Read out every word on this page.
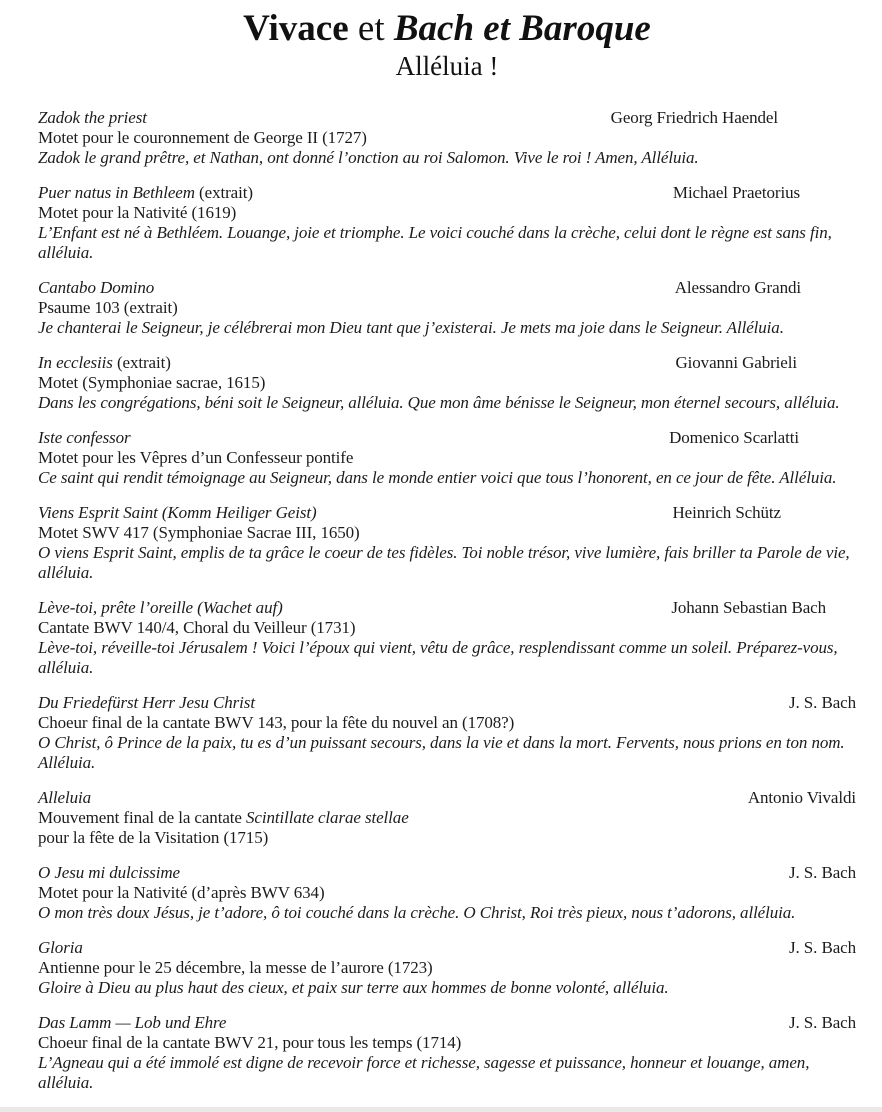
Vivace et Bach et Baroque
Alléluia !
Zadok the priest	Georg Friedrich Haendel
Motet pour le couronnement de George II (1727)
Zadok le grand prêtre, et Nathan, ont donné l’onction au roi Salomon. Vive le roi ! Amen, Alléluia.
Puer natus in Bethleem (extrait)	Michael Praetorius
Motet pour la Nativité (1619)
L’Enfant est né à Bethléem. Louange, joie et triomphe. Le voici couché dans la crèche, celui dont le règne est sans fin, alléluia.
Cantabo Domino	Alessandro Grandi
Psaume 103 (extrait)
Je chanterai le Seigneur, je célébrerai mon Dieu tant que j’existerai. Je mets ma joie dans le Seigneur. Alléluia.
In ecclesiis (extrait)	Giovanni Gabrieli
Motet (Symphoniae sacrae, 1615)
Dans les congrégations, béni soit le Seigneur, alléluia. Que mon âme bénisse le Seigneur, mon éternel secours, alléluia.
Iste confessor	Domenico Scarlatti
Motet pour les Vêpres d’un Confesseur pontife
Ce saint qui rendit témoignage au Seigneur, dans le monde entier voici que tous l’honorent, en ce jour de fête. Alléluia.
Viens Esprit Saint (Komm Heiliger Geist)	Heinrich Schütz
Motet SWV 417 (Symphoniae Sacrae III, 1650)
O viens Esprit Saint, emplis de ta grâce le coeur de tes fidèles. Toi noble trésor, vive lumière, fais briller ta Parole de vie, alléluia.
Lève-toi, prête l’oreille (Wachet auf)	Johann Sebastian Bach
Cantate BWV 140/4, Choral du Veilleur (1731)
Lève-toi, réveille-toi Jérusalem ! Voici l’époux qui vient, vêtu de grâce, resplendissant comme un soleil. Préparez-vous, alléluia.
Du Friedefürst Herr Jesu Christ	J. S. Bach
Choeur final de la cantate BWV 143, pour la fête du nouvel an (1708?)
O Christ, ô Prince de la paix, tu es d’un puissant secours, dans la vie et dans la mort. Fervents, nous prions en ton nom. Alléluia.
Alleluia	Antonio Vivaldi
Mouvement final de la cantate Scintillate clarae stellae
pour la fête de la Visitation (1715)
O Jesu mi dulcissime	J. S. Bach
Motet pour la Nativité (d’après BWV 634)
O mon très doux Jésus, je t’adore, ô toi couché dans la crèche. O Christ, Roi très pieux, nous t’adorons, alléluia.
Gloria	J. S. Bach
Antienne pour le 25 décembre, la messe de l’aurore (1723)
Gloire à Dieu au plus haut des cieux, et paix sur terre aux hommes de bonne volonté, alléluia.
Das Lamm — Lob und Ehre	J. S. Bach
Choeur final de la cantate BWV 21, pour tous les temps (1714)
L’Agneau qui a été immolé est digne de recevoir force et richesse, sagesse et puissance, honneur et louange, amen, alléluia.
